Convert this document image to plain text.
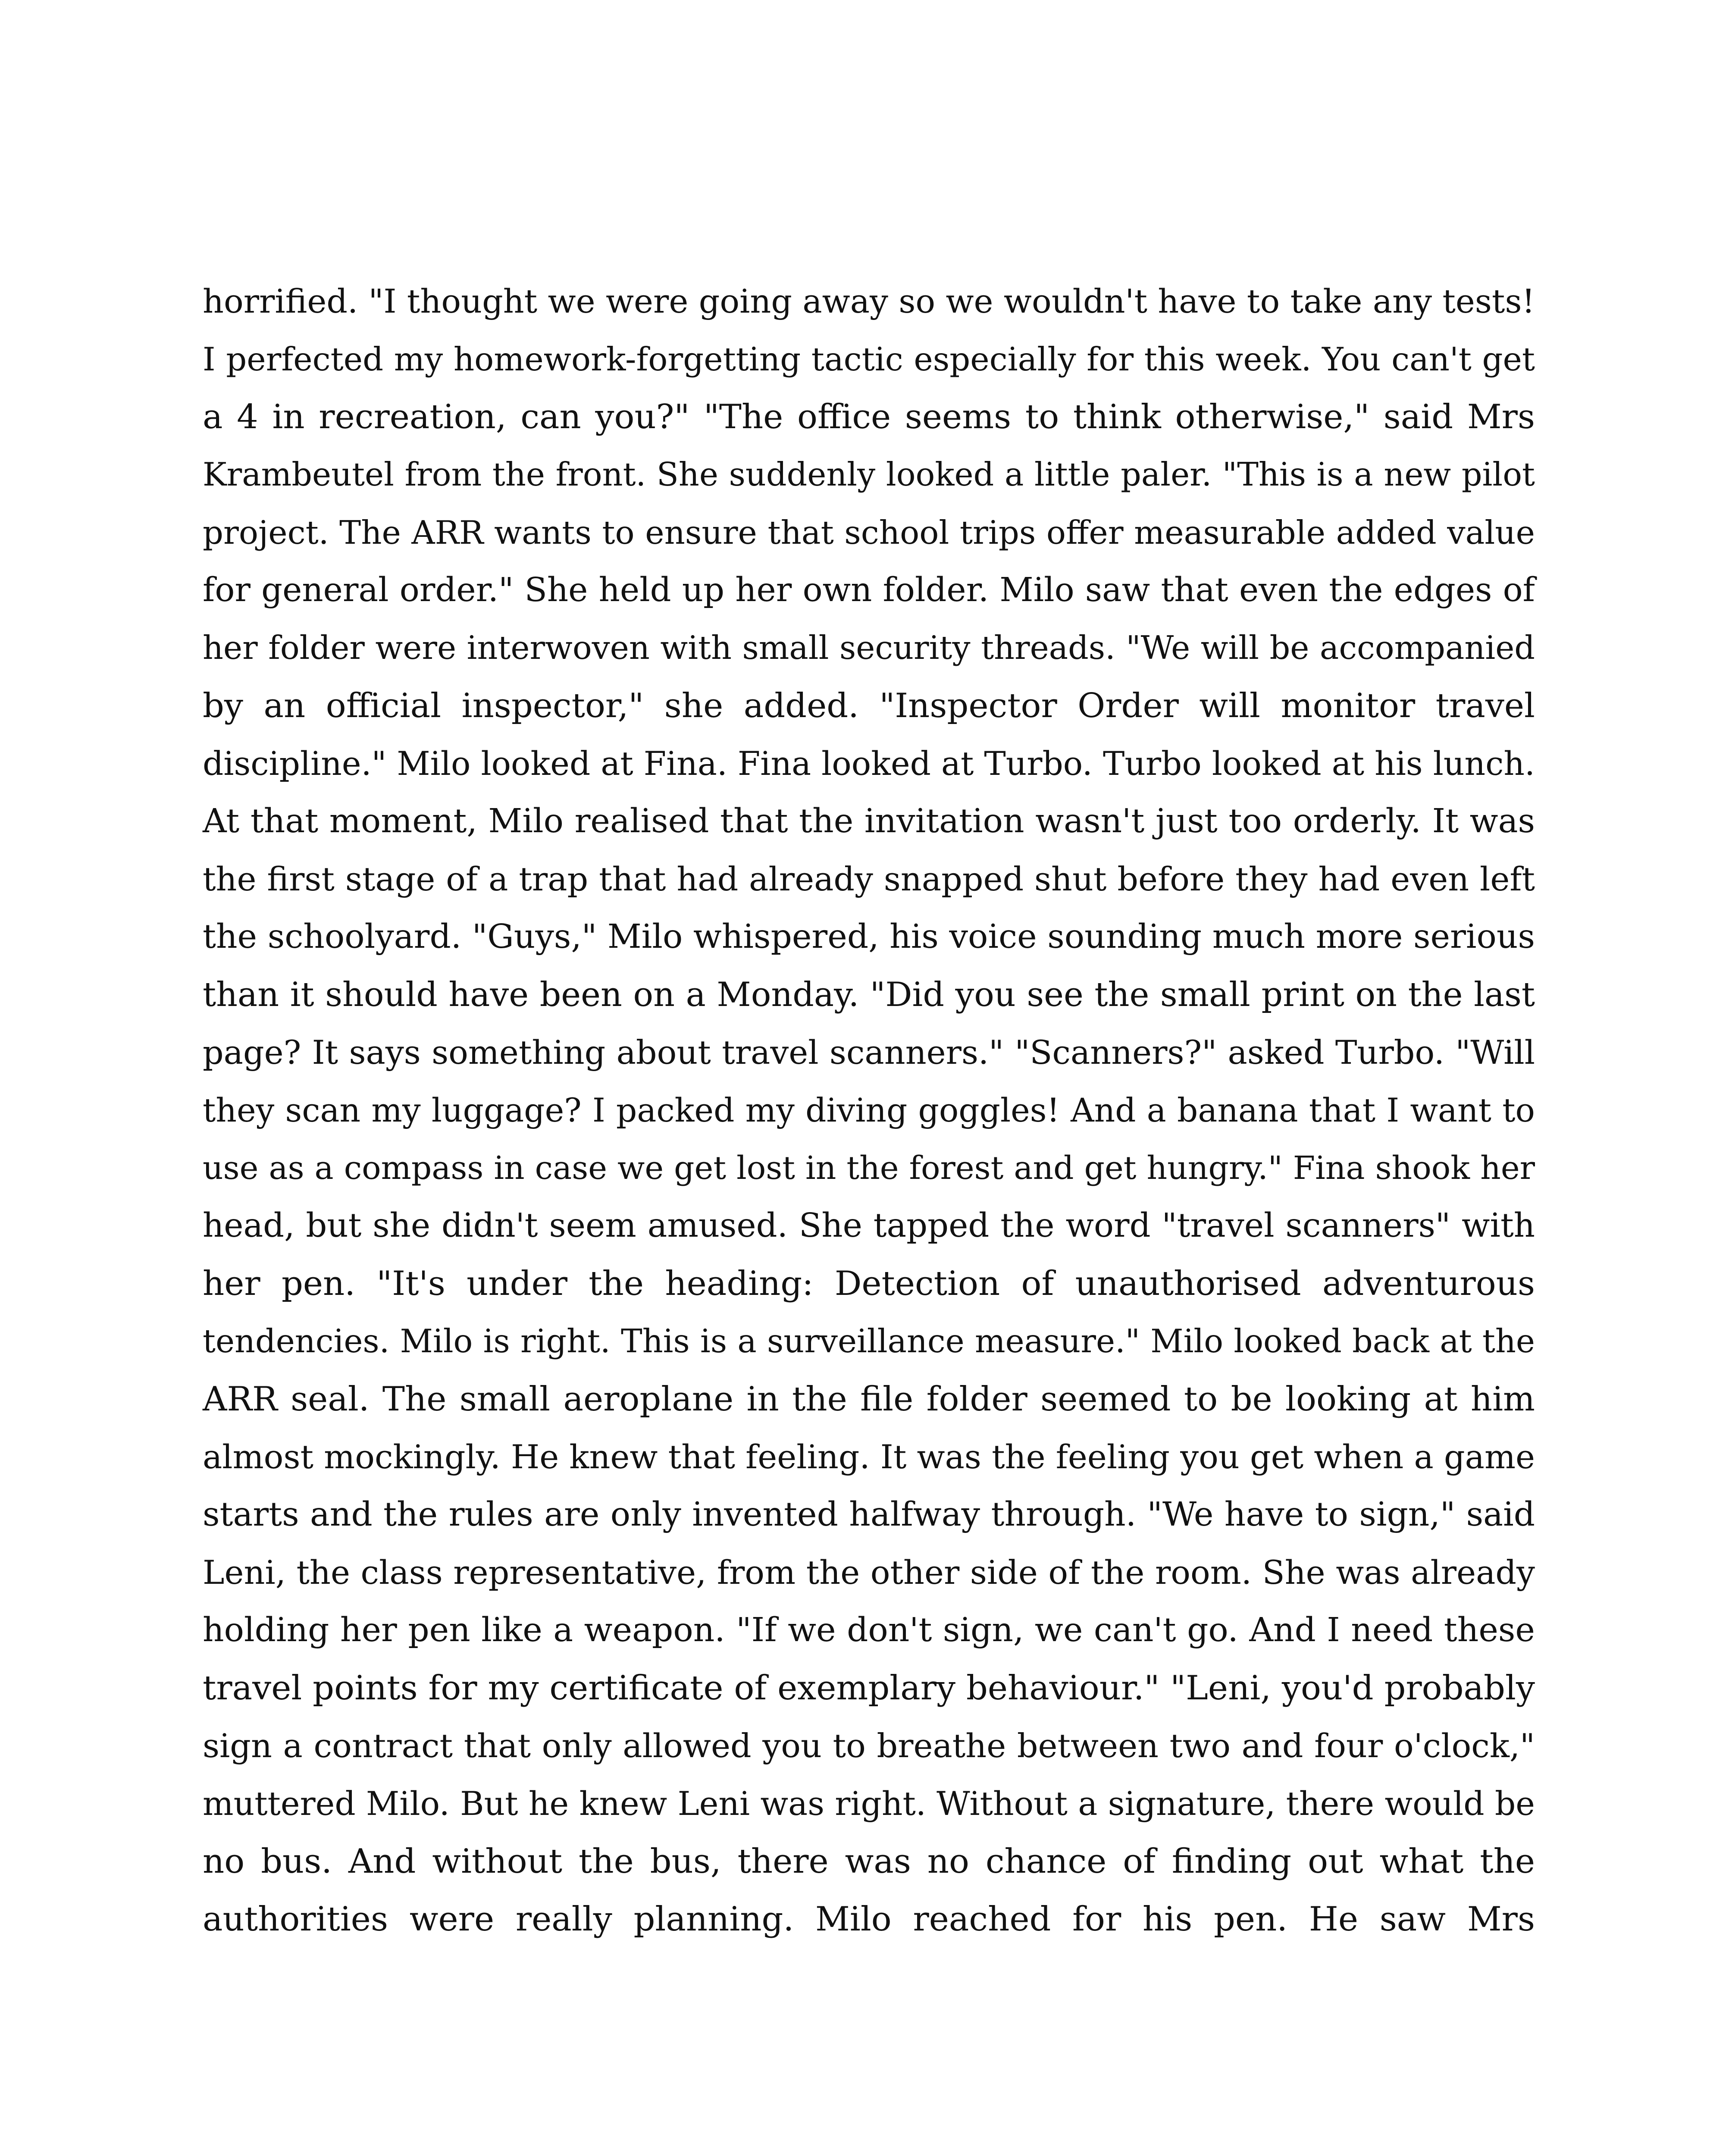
horrified. "I thought we were going away so we wouldn't have to take any tests!
I perfected my homework-forgetting tactic especially for this week. You can't get
a 4 in recreation, can you?" "The office seems to think otherwise," said Mrs
Krambeutel from the front. She suddenly looked a little paler. "This is a new pilot
project. The ARR wants to ensure that school trips offer measurable added value
for general order." She held up her own folder. Milo saw that even the edges of
her folder were interwoven with small security threads. "We will be accompanied
by an official inspector," she added. "Inspector Order will monitor travel
discipline." Milo looked at Fina. Fina looked at Turbo. Turbo looked at his lunch.
At that moment, Milo realised that the invitation wasn't just too orderly. It was
the first stage of a trap that had already snapped shut before they had even left
the schoolyard. "Guys," Milo whispered, his voice sounding much more serious
than it should have been on a Monday. "Did you see the small print on the last
page? It says something about travel scanners." "Scanners?" asked Turbo. "Will
they scan my luggage? I packed my diving goggles! And a banana that I want to
use as a compass in case we get lost in the forest and get hungry." Fina shook her
head, but she didn't seem amused. She tapped the word "travel scanners" with
her pen. "It's under the heading: Detection of unauthorised adventurous
tendencies. Milo is right. This is a surveillance measure." Milo looked back at the
ARR seal. The small aeroplane in the file folder seemed to be looking at him
almost mockingly. He knew that feeling. It was the feeling you get when a game
starts and the rules are only invented halfway through. "We have to sign," said
Leni, the class representative, from the other side of the room. She was already
holding her pen like a weapon. "If we don't sign, we can't go. And I need these
travel points for my certificate of exemplary behaviour." "Leni, you'd probably
sign a contract that only allowed you to breathe between two and four o'clock,"
muttered Milo. But he knew Leni was right. Without a signature, there would be
no bus. And without the bus, there was no chance of finding out what the
authorities were really planning. Milo reached for his pen. He saw Mrs
